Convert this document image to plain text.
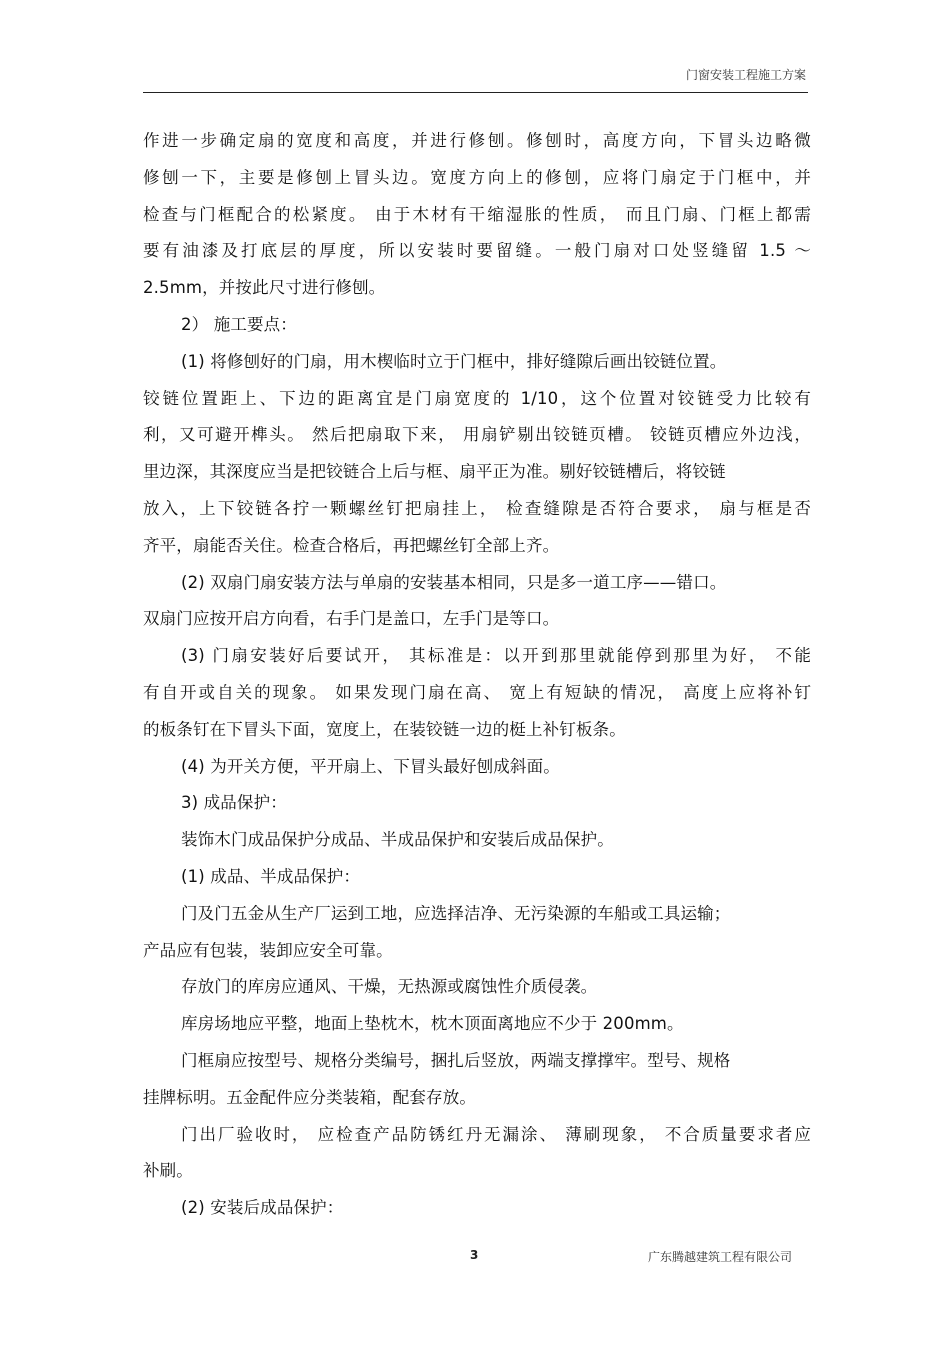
门窗安装工程施工方案
作进一步确定扇的宽度和高度，并进行修刨。修刨时，高度方向，下冒头边略微
修刨一下，主要是修刨上冒头边。宽度方向上的修刨，应将门扇定于门框中，并
检查与门框配合的松紧度。 由于木材有干缩湿胀的性质， 而且门扇、门框上都需
要有油漆及打底层的厚度，所以安装时要留缝。一般门扇对口处竖缝留 1.5 ～
2.5mm，并按此尺寸进行修刨。
2） 施工要点：
(1) 将修刨好的门扇，用木楔临时立于门框中，排好缝隙后画出铰链位置。
铰链位置距上、下边的距离宜是门扇宽度的 1/10，这个位置对铰链受力比较有
利，又可避开榫头。 然后把扇取下来， 用扇铲剔出铰链页槽。 铰链页槽应外边浅，
里边深，其深度应当是把铰链合上后与框、扇平正为准。剔好铰链槽后，将铰链
放入，上下铰链各拧一颗螺丝钉把扇挂上， 检查缝隙是否符合要求， 扇与框是否
齐平，扇能否关住。检查合格后，再把螺丝钉全部上齐。
(2) 双扇门扇安装方法与单扇的安装基本相同，只是多一道工序——错口。
双扇门应按开启方向看，右手门是盖口，左手门是等口。
(3) 门扇安装好后要试开， 其标准是：以开到那里就能停到那里为好， 不能
有自开或自关的现象。 如果发现门扇在高、 宽上有短缺的情况， 高度上应将补钉
的板条钉在下冒头下面，宽度上，在装铰链一边的梃上补钉板条。
(4) 为开关方便，平开扇上、下冒头最好刨成斜面。
3) 成品保护：
装饰木门成品保护分成品、半成品保护和安装后成品保护。
(1) 成品、半成品保护：
门及门五金从生产厂运到工地，应选择洁净、无污染源的车船或工具运输；
产品应有包装，装卸应安全可靠。
存放门的库房应通风、干燥，无热源或腐蚀性介质侵袭。
库房场地应平整，地面上垫枕木，枕木顶面离地应不少于 200mm。
门框扇应按型号、规格分类编号，捆扎后竖放，两端支撑撑牢。型号、规格
挂牌标明。五金配件应分类装箱，配套存放。
门出厂验收时， 应检查产品防锈红丹无漏涂、 薄刷现象， 不合质量要求者应
补刷。
(2) 安装后成品保护：
3	广东腾越建筑工程有限公司
